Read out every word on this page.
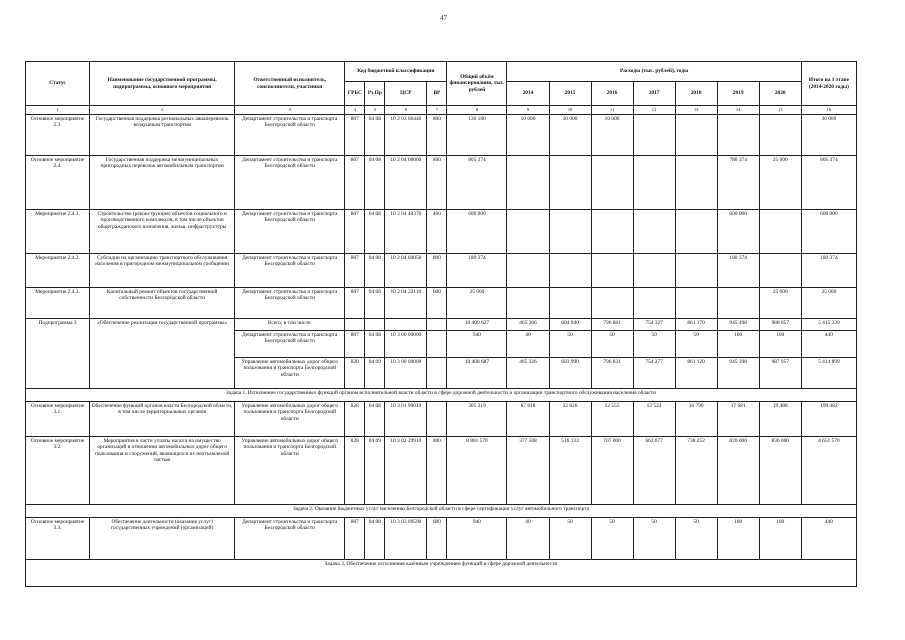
47
Статус	Наименование государственной программы, подпрограммы, основного мероприятия	Ответственный исполнитель, соисполнители, участники	Код бюджетной классификации				Общий объём финансирования, тыс. рублей	Расходы (тыс. рублей), годы							Итого на 1 этапе (2014-2020 годы)
			ГРБС	Рз Пр	ЦСР	ВР		2014	2015	2016	2017	2018	2019	2020	
1	2	3	4	5	6	7	8	9	10	11	12	13	14	15	16
Основное мероприятие 2.3.	Государственная поддержка региональных авиаперевозок воздушным транспортом	Департамент строительства и транспорта Белгородской области	807	04 08	10 2 03 60440	800	136 180	10 000	10 000	10 000					30 000
Основное мероприятие 2.4.	Государственная поддержка межмуниципальных пригородных перевозок автомобильным транспортом	Департамент строительства и транспорта Белгородской области	807	04 08	10 2 04 00000	800	805 374						780 374	25 000	805 374
Мероприятие 2.4.1.	Строительство (реконструкция) объектов социального и производственного комплексов, в том числе объектов общегражданского назначения, жилья, инфраструктуры	Департамент строительства и транспорта Белгородской области	807	04 08	10 2 04 40370	400	600 000						600 000		600 000
Мероприятие 2.4.2.	Субсидии на организацию транспортного обслуживания населения в пригородном межмуниципальном сообщении	Департамент строительства и транспорта Белгородской области	807	04 08	10 2 04 60050	800	180 374						180 374		180 374
Мероприятие 2.4.3.	Капитальный ремонт объектов государственной собственности Белгородской области	Департамент строительства и транспорта Белгородской области	807	04 08	10 2 04 22110	600	25 000							25 000	25 000
Подпрограмма 3	«Обеспечение реализации государственной программы»	Всего, в том числе:					10 409 627	465 366	604 040	796 881	754 327	861 170	945 498	988 057	5 415 339
		Департамент строительства и транспорта Белгородской области	807	04 08	10 3 00 00000		940	40	50	50	50	50	100	100	440
		Управление автомобильных дорог общего пользования и транспорта Белгородской области	828	04 09	10 3 00 00000		10 408 687	465 326	603 990	796 831	754 277	861 120	945 398	987 957	5 414 899
Задача 1. Исполнение государственных функций органом исполнительной власти области в сфере дорожной деятельности и организации транспортного обслуживания населения области															
Основное мероприятие 3.1.	Обеспечение функций органов власти Белгородской области, в том числе территориальных органов	Управление автомобильных дорог общего пользования и транспорта Белгородской области	828	04 08	10 3 01 90019		305 319	87 818	32 626	12 555	12 524	16 790	17 681	19 488	199 482
Основное мероприятие 3.2.	Мероприятия в части уплаты налога на имущество организаций в отношении автомобильных дорог общего пользования и сооружений, являющихся их неотъемлемой частью	Управление автомобильных дорог общего пользования и транспорта Белгородской области	828	04 09	10 3 02 29910	800	8 801 570	377 508	516 133	707 000	662 677	738 252	820 000	830 000	4 651 570
Задача 2. Оказание бюджетных услуг населению Белгородской области в сфере сертификации услуг автомобильного транспорта															
Основное мероприятие 3.3.	Обеспечение деятельности (оказание услуг) государственных учреждений (организаций)	Департамент строительства и транспорта Белгородской области	807	04 08	10 3 03 00590	600	940	40	50	50	50	50	100	100	440
Задача 3. Обеспечение исполнения казённым учреждением функций в сфере дорожной деятельности															
